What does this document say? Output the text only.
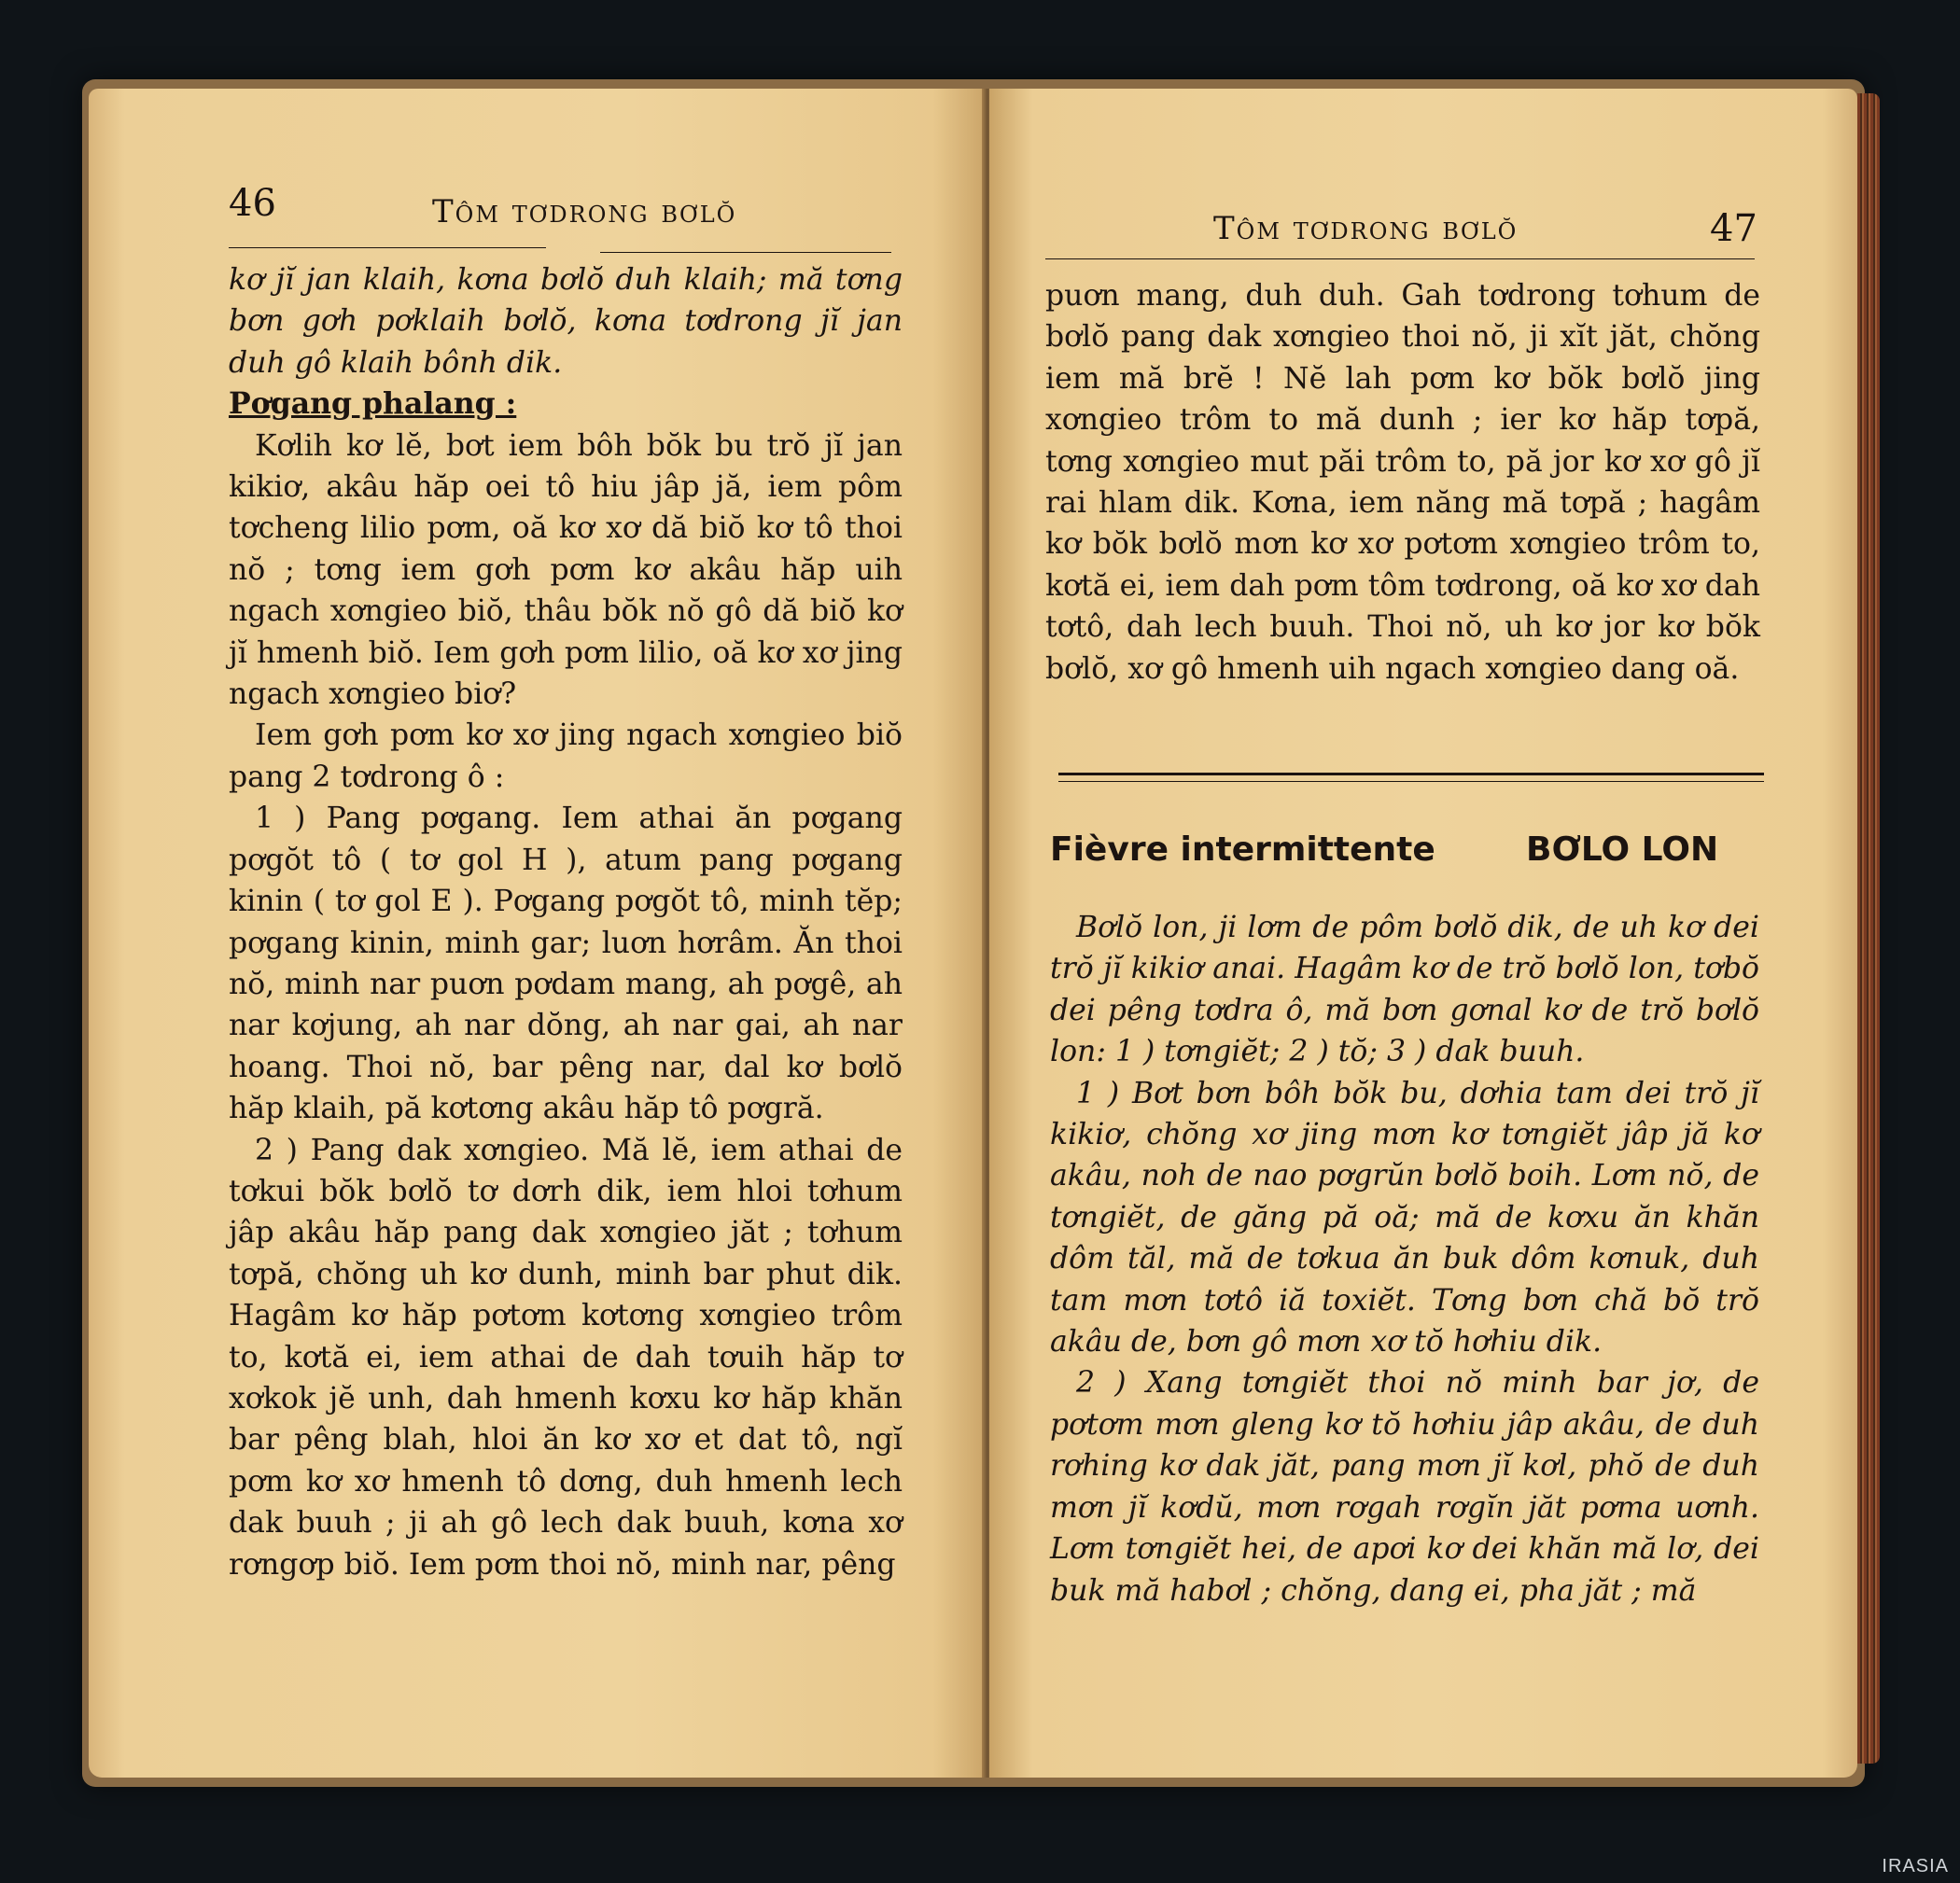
46	Tôm tơdrong bơlŏ

kơ jĭ jan klaih, kơna bơlŏ duh klaih; mă tơng bơn gơh pơklaih bơlŏ, kơna tơdrong jĭ jan duh gô klaih bônh dik.

Pơgang phalang :

Kơlih kơ lĕ, bơt iem bôh bŏk bu trŏ jĭ jan kikiơ, akâu hăp oei tô hiu jâp jă, iem pôm tơcheng lilio pơm, oă kơ xơ dă biŏ kơ tô thoi nŏ ; tơng iem gơh pơm kơ akâu hăp uih ngach xơngieo biŏ, thâu bŏk nŏ gô dă biŏ kơ jĭ hmenh biŏ. Iem gơh pơm lilio, oă kơ xơ jing ngach xơngieo biơ?

Iem gơh pơm kơ xơ jing ngach xơngieo biŏ pang 2 tơdrong ô :

1 ) Pang pơgang. Iem athai ăn pơgang pơgŏt tô ( tơ gol H ), atum pang pơgang kinin ( tơ gol E ). Pơgang pơgŏt tô, minh tĕp; pơgang kinin, minh gar; luơn hơrâm. Ăn thoi nŏ, minh nar puơn pơdam mang, ah pơgê, ah nar kơjung, ah nar dŏng, ah nar gai, ah nar hoang. Thoi nŏ, bar pêng nar, dal kơ bơlŏ hăp klaih, pă kơtơng akâu hăp tô pơgră.

2 ) Pang dak xơngieo. Mă lĕ, iem athai de tơkui bŏk bơlŏ tơ dơrh dik, iem hloi tơhum jâp akâu hăp pang dak xơngieo jăt ; tơhum tơpă, chŏng uh kơ dunh, minh bar phut dik. Hagâm kơ hăp pơtơm kơtơng xơngieo trôm to, kơtă ei, iem athai de dah tơuih hăp tơ xơkok jĕ unh, dah hmenh kơxu kơ hăp khăn bar pêng blah, hloi ăn kơ xơ et dat tô, ngĭ pơm kơ xơ hmenh tô dơng, duh hmenh lech dak buuh ; ji ah gô lech dak buuh, kơna xơ rơngơp biŏ. Iem pơm thoi nŏ, minh nar, pêng

Tôm tơdrong bơlŏ	47

puơn mang, duh duh. Gah tơdrong tơhum de bơlŏ pang dak xơngieo thoi nŏ, ji xĭt jăt, chŏng iem mă brĕ ! Nĕ lah pơm kơ bŏk bơlŏ jing xơngieo trôm to mă dunh ; ier kơ hăp tơpă, tơng xơngieo mut păi trôm to, pă jor kơ xơ gô jĭ rai hlam dik. Kơna, iem năng mă tơpă ; hagâm kơ bŏk bơlŏ mơn kơ xơ pơtơm xơngieo trôm to, kơtă ei, iem dah pơm tôm tơdrong, oă kơ xơ dah tơtô, dah lech buuh. Thoi nŏ, uh kơ jor kơ bŏk bơlŏ, xơ gô hmenh uih ngach xơngieo dang oă.

Fièvre intermittente	BƠLO LON

Bơlŏ lon, ji lơm de pôm bơlŏ dik, de uh kơ dei trŏ jĭ kikiơ anai. Hagâm kơ de trŏ bơlŏ lon, tơbŏ dei pêng tơdra ô, mă bơn gơnal kơ de trŏ bơlŏ lon: 1 ) tơngiĕt; 2 ) tŏ; 3 ) dak buuh.

1 ) Bơt bơn bôh bŏk bu, dơhia tam dei trŏ jĭ kikiơ, chŏng xơ jing mơn kơ tơngiĕt jâp jă kơ akâu, noh de nao pơgrŭn bơlŏ boih. Lơm nŏ, de tơngiĕt, de găng pă oă; mă de kơxu ăn khăn dôm tăl, mă de tơkua ăn buk dôm kơnuk, duh tam mơn tơtô iă toxiĕt. Tơng bơn chă bŏ trŏ akâu de, bơn gô mơn xơ tŏ hơhiu dik.

2 ) Xang tơngiĕt thoi nŏ minh bar jơ, de pơtơm mơn gleng kơ tŏ hơhiu jâp akâu, de duh rơhing kơ dak jăt, pang mơn jĭ kơl, phŏ de duh mơn jĭ kơdŭ, mơn rơgah rơgĭn jăt pơma uơnh. Lơm tơngiĕt hei, de apơi kơ dei khăn mă lơ, dei buk mă habơl ; chŏng, dang ei, pha jăt ; mă

IRASIA
